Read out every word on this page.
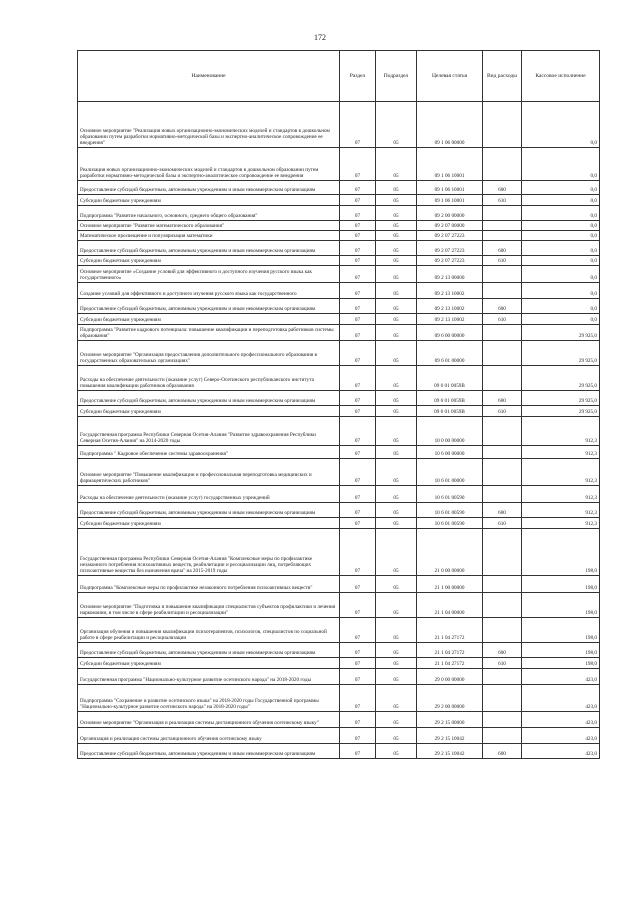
172
Наименование	Раздел	Подраздел	Целевая статья	Вид расходы	Кассовое исполнение
Основное мероприятие "Реализация новых организационно-экономических моделей и стандартов в дошкольном образовании путем разработки нормативно-методической базы и экспертно-аналитическое сопровождение ее внедрения"	07	05	09 1 06 00000		0,0
Реализация новых организационно-экономических моделей и стандартов в дошкольном образовании путем разработки нормативно-методической базы и экспертно-аналитическое сопровождение ее внедрения	07	05	09 1 06 10001		0,0
Предоставление субсидий бюджетным, автономным учреждениям и иным некоммерческим организациям	07	05	09 1 06 10001	600	0,0
Субсидии бюджетным учреждениям	07	05	09 1 06 10001	610	0,0
Подпрограмма "Развитие начального, основного, среднего общего образования"	07	05	09 2 00 00000		0,0
Основное мероприятие "Развитие математического образования"	07	05	09 2 07 00000		0,0
Математическое просвещение и популяризация математики	07	05	09 2 07 27223		0,0
Предоставление субсидий бюджетным, автономным учреждениям и иным некоммерческим организациям	07	05	09 2 07 27223	600	0,0
Субсидии бюджетным учреждениям	07	05	09 2 07 27223	610	0,0
Основное мероприятие «Создание условий для эффективного и доступного изучения русского языка как государственного»	07	05	09 2 13 00000		0,0
Создание условий для эффективного и доступного изучения русского языка как государственного	07	05	09 2 13 10002		0,0
Предоставление субсидий бюджетным, автономным учреждениям и иным некоммерческим организациям	07	05	09 2 13 10002	600	0,0
Субсидии бюджетным учреждениям	07	05	09 2 13 10002	610	0,0
Подпрограмма "Развитие кадрового потенциала: повышение квалификации и переподготовка работников системы образования"	07	05	09 6 00 00000		29 925,0
Основное мероприятие "Организация предоставления дополнительного профессионального образования в государственных образовательных организациях"	07	05	09 6 01 00000		29 925,0
Расходы на обеспечение деятельности (оказание услуг) Северо-Осетинского республиканского института повышения квалификации работников образования	07	05	09 6 01 0059В		29 925,0
Предоставление субсидий бюджетным, автономным учреждениям и иным некоммерческим организациям	07	05	09 6 01 0059В	600	29 925,0
Субсидии бюджетным учреждениям	07	05	09 6 01 0059В	610	29 925,0
Государственная программа Республики Северная Осетия-Алания "Развитие здравоохранения Республики Северная Осетия-Алания" на 2014-2020 годы	07	05	10 0 00 00000		912,3
Подпрограмма " Кадровое обеспечение системы здравоохранения"	07	05	10 6 00 00000		912,3
Основное мероприятие "Повышение квалификации и профессиональная переподготовка медицинских и фармацевтических работников"	07	05	10 6 01 00000		912,3
Расходы на обеспечение деятельности (оказание услуг) государственных учреждений	07	05	10 6 01 00590		912,3
Предоставление субсидий бюджетным, автономным учреждениям и иным некоммерческим организациям	07	05	10 6 01 00590	600	912,3
Субсидии бюджетным учреждениям	07	05	10 6 01 00590	610	912,3
Государственная программа Республики Северная Осетия-Алания "Комплексные меры по профилактике незаконного потребления психоактивных веществ, реабилитации и ресоциализации лиц, потребляющих психоактивные вещества без назначения врача" на 2015-2019 годы	07	05	21 0 00 00000		198,0
Подпрограмма "Комплексные меры по профилактике незаконного потребления психоактивных веществ"	07	05	21 1 00 00000		198,0
Основное мероприятие "Подготовка и повышение квалификации специалистов субъектов профилактики и лечения наркомании, в том числе в сфере реабилитации и ресоциализации"	07	05	21 1 04 00000		198,0
Организация обучения и повышения квалификации психотерапевтов, психологов, специалистов по социальной работе в сфере реабилитации и ресоциализации	07	05	21 1 04 27172		198,0
Предоставление субсидий бюджетным, автономным учреждениям и иным некоммерческим организациям	07	05	21 1 04 27172	600	198,0
Субсидии бюджетным учреждениям	07	05	21 1 04 27172	610	198,0
Государственная программа "Национально-культурное развитие осетинского народа" на 2018-2020 годы	07	05	29 0 00 00000		423,0
Подпрограмма "Сохранение и развитие осетинского языка" на 2018-2020 годы Государственной программы "Национально-культурное развитие осетинского народа" на 2018-2020 годы"	07	05	29 2 00 00000		423,0
Основное мероприятие "Организация и реализация системы дистанционного обучения осетинскому языку"	07	05	29 2 15 00000		423,0
Организация и реализация системы дистанционного обучения осетинскому языку	07	05	29 2 15 10042		423,0
Предоставление субсидий бюджетным, автономным учреждениям и иным некоммерческим организациям	07	05	29 2 15 10042	600	423,0
